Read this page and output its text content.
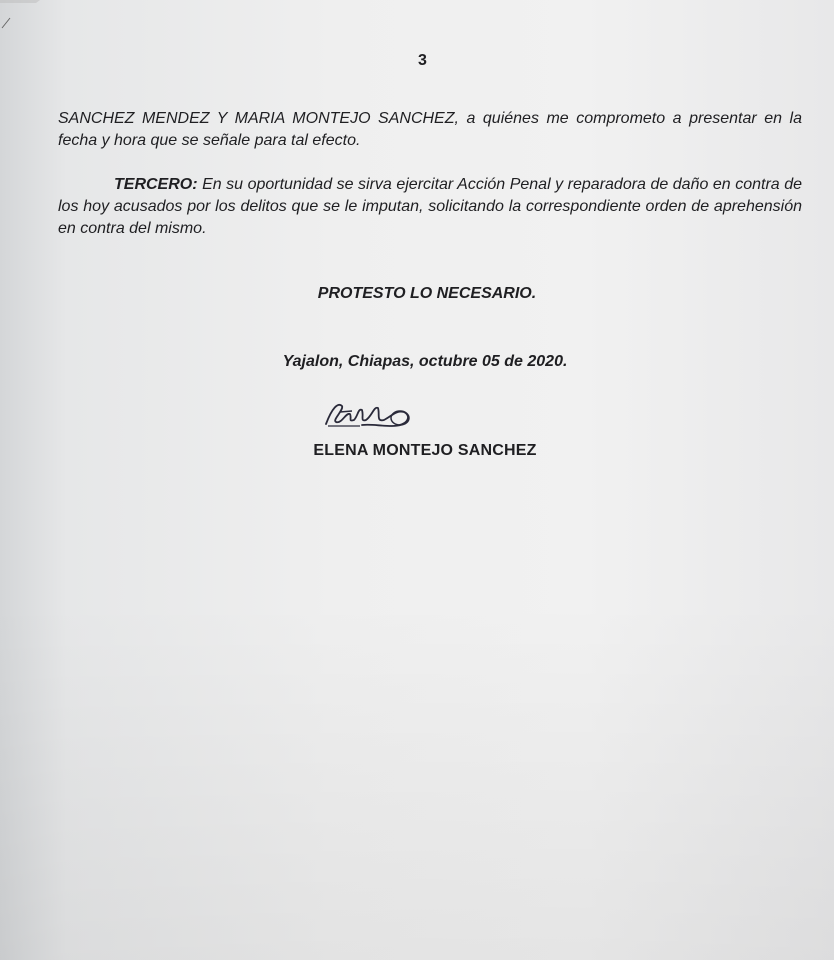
3

SANCHEZ MENDEZ Y MARIA MONTEJO SANCHEZ, a quiénes me comprometo a presentar en la fecha y hora que se señale para tal efecto.

TERCERO: En su oportunidad se sirva ejercitar Acción Penal y reparadora de daño en contra de los hoy acusados por los delitos que se le imputan, solicitando la correspondiente orden de aprehensión en contra del mismo.

PROTESTO LO NECESARIO.

Yajalon, Chiapas, octubre 05 de 2020.

ELENA MONTEJO SANCHEZ
